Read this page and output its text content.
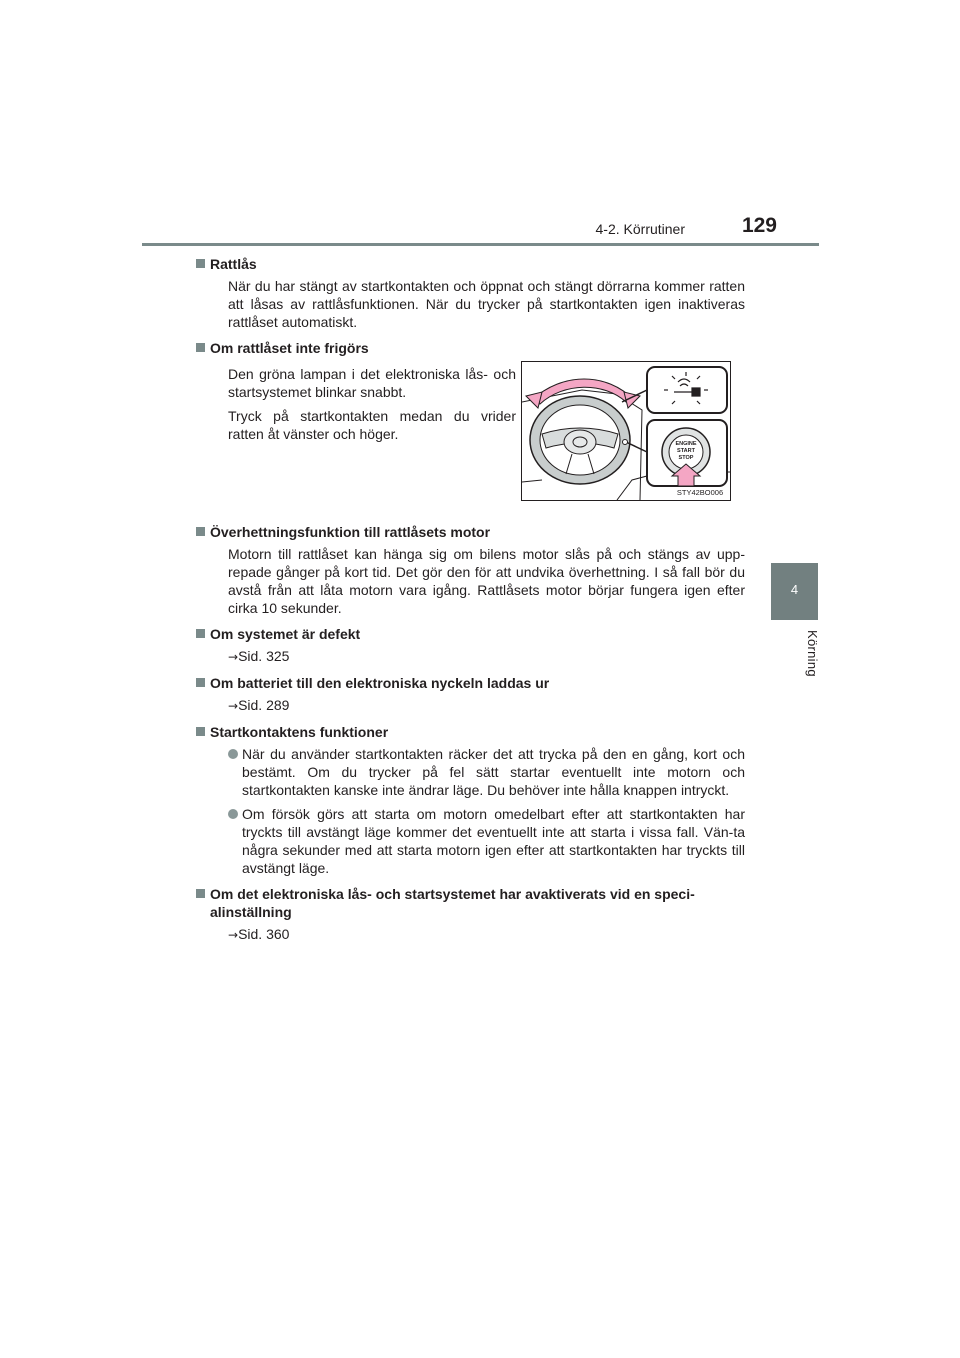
4-2. Körrutiner	129
4
Körning
Rattlås
När du har stängt av startkontakten och öppnat och stängt dörrarna kommer ratten att låsas av rattlåsfunktionen. När du trycker på startkontakten igen inaktiveras rattlåset automatiskt.
Om rattlåset inte frigörs
Den gröna lampan i det elektroniska lås- och startsystemet blinkar snabbt.
Tryck på startkontakten medan du vrider ratten åt vänster och höger.
ENGINE
START
STOP
STY42BO006
Överhettningsfunktion till rattlåsets motor
Motorn till rattlåset kan hänga sig om bilens motor slås på och stängs av upp-repade gånger på kort tid. Det gör den för att undvika överhettning. I så fall bör du avstå från att låta motorn vara igång. Rattlåsets motor börjar fungera igen efter cirka 10 sekunder.
Om systemet är defekt
→Sid. 325
Om batteriet till den elektroniska nyckeln laddas ur
→Sid. 289
Startkontaktens funktioner
När du använder startkontakten räcker det att trycka på den en gång, kort och bestämt. Om du trycker på fel sätt startar eventuellt inte motorn och startkontakten kanske inte ändrar läge. Du behöver inte hålla knappen intryckt.
Om försök görs att starta om motorn omedelbart efter att startkontakten har tryckts till avstängt läge kommer det eventuellt inte att starta i vissa fall. Vän-ta några sekunder med att starta motorn igen efter att startkontakten har tryckts till avstängt läge.
Om det elektroniska lås- och startsystemet har avaktiverats vid en speci-alinställning
→Sid. 360
